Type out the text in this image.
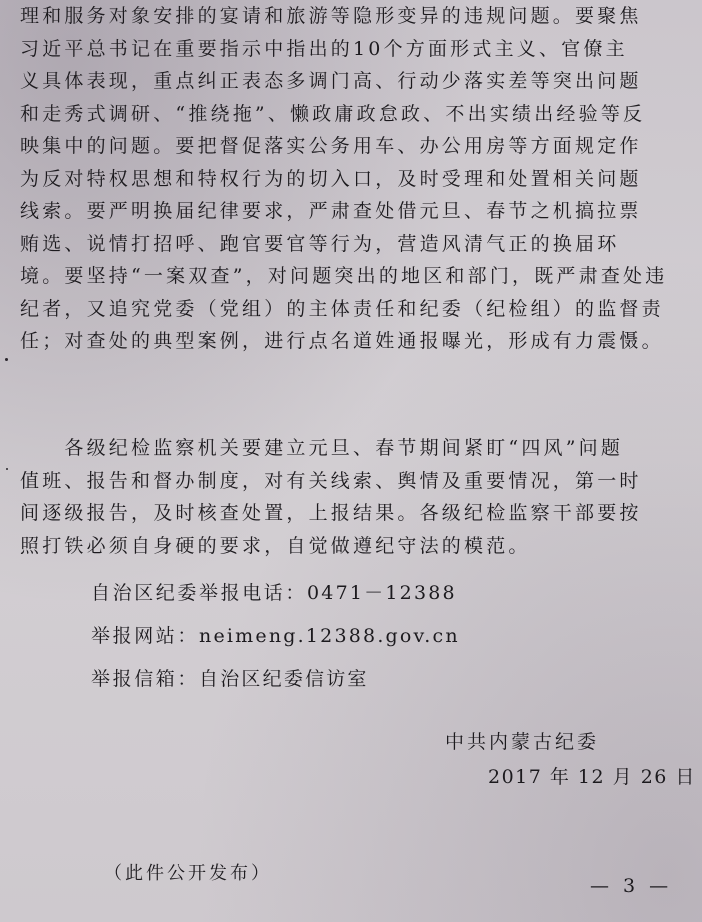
理和服务对象安排的宴请和旅游等隐形变异的违规问题。要聚焦
习近平总书记在重要指示中指出的10个方面形式主义、官僚主
义具体表现，重点纠正表态多调门高、行动少落实差等突出问题
和走秀式调研、“推绕拖”、懒政庸政怠政、不出实绩出经验等反
映集中的问题。要把督促落实公务用车、办公用房等方面规定作
为反对特权思想和特权行为的切入口，及时受理和处置相关问题
线索。要严明换届纪律要求，严肃查处借元旦、春节之机搞拉票
贿选、说情打招呼、跑官要官等行为，营造风清气正的换届环
境。要坚持“一案双查”，对问题突出的地区和部门，既严肃查处违
纪者，又追究党委（党组）的主体责任和纪委（纪检组）的监督责
任；对查处的典型案例，进行点名道姓通报曝光，形成有力震慑。
　　各级纪检监察机关要建立元旦、春节期间紧盯“四风”问题
值班、报告和督办制度，对有关线索、舆情及重要情况，第一时
间逐级报告，及时核查处置，上报结果。各级纪检监察干部要按
照打铁必须自身硬的要求，自觉做遵纪守法的模范。
自治区纪委举报电话：0471－12388
举报网站：neimeng.12388.gov.cn
举报信箱：自治区纪委信访室
中共内蒙古纪委
2017 年 12 月 26 日
（此件公开发布）
— 3 —
